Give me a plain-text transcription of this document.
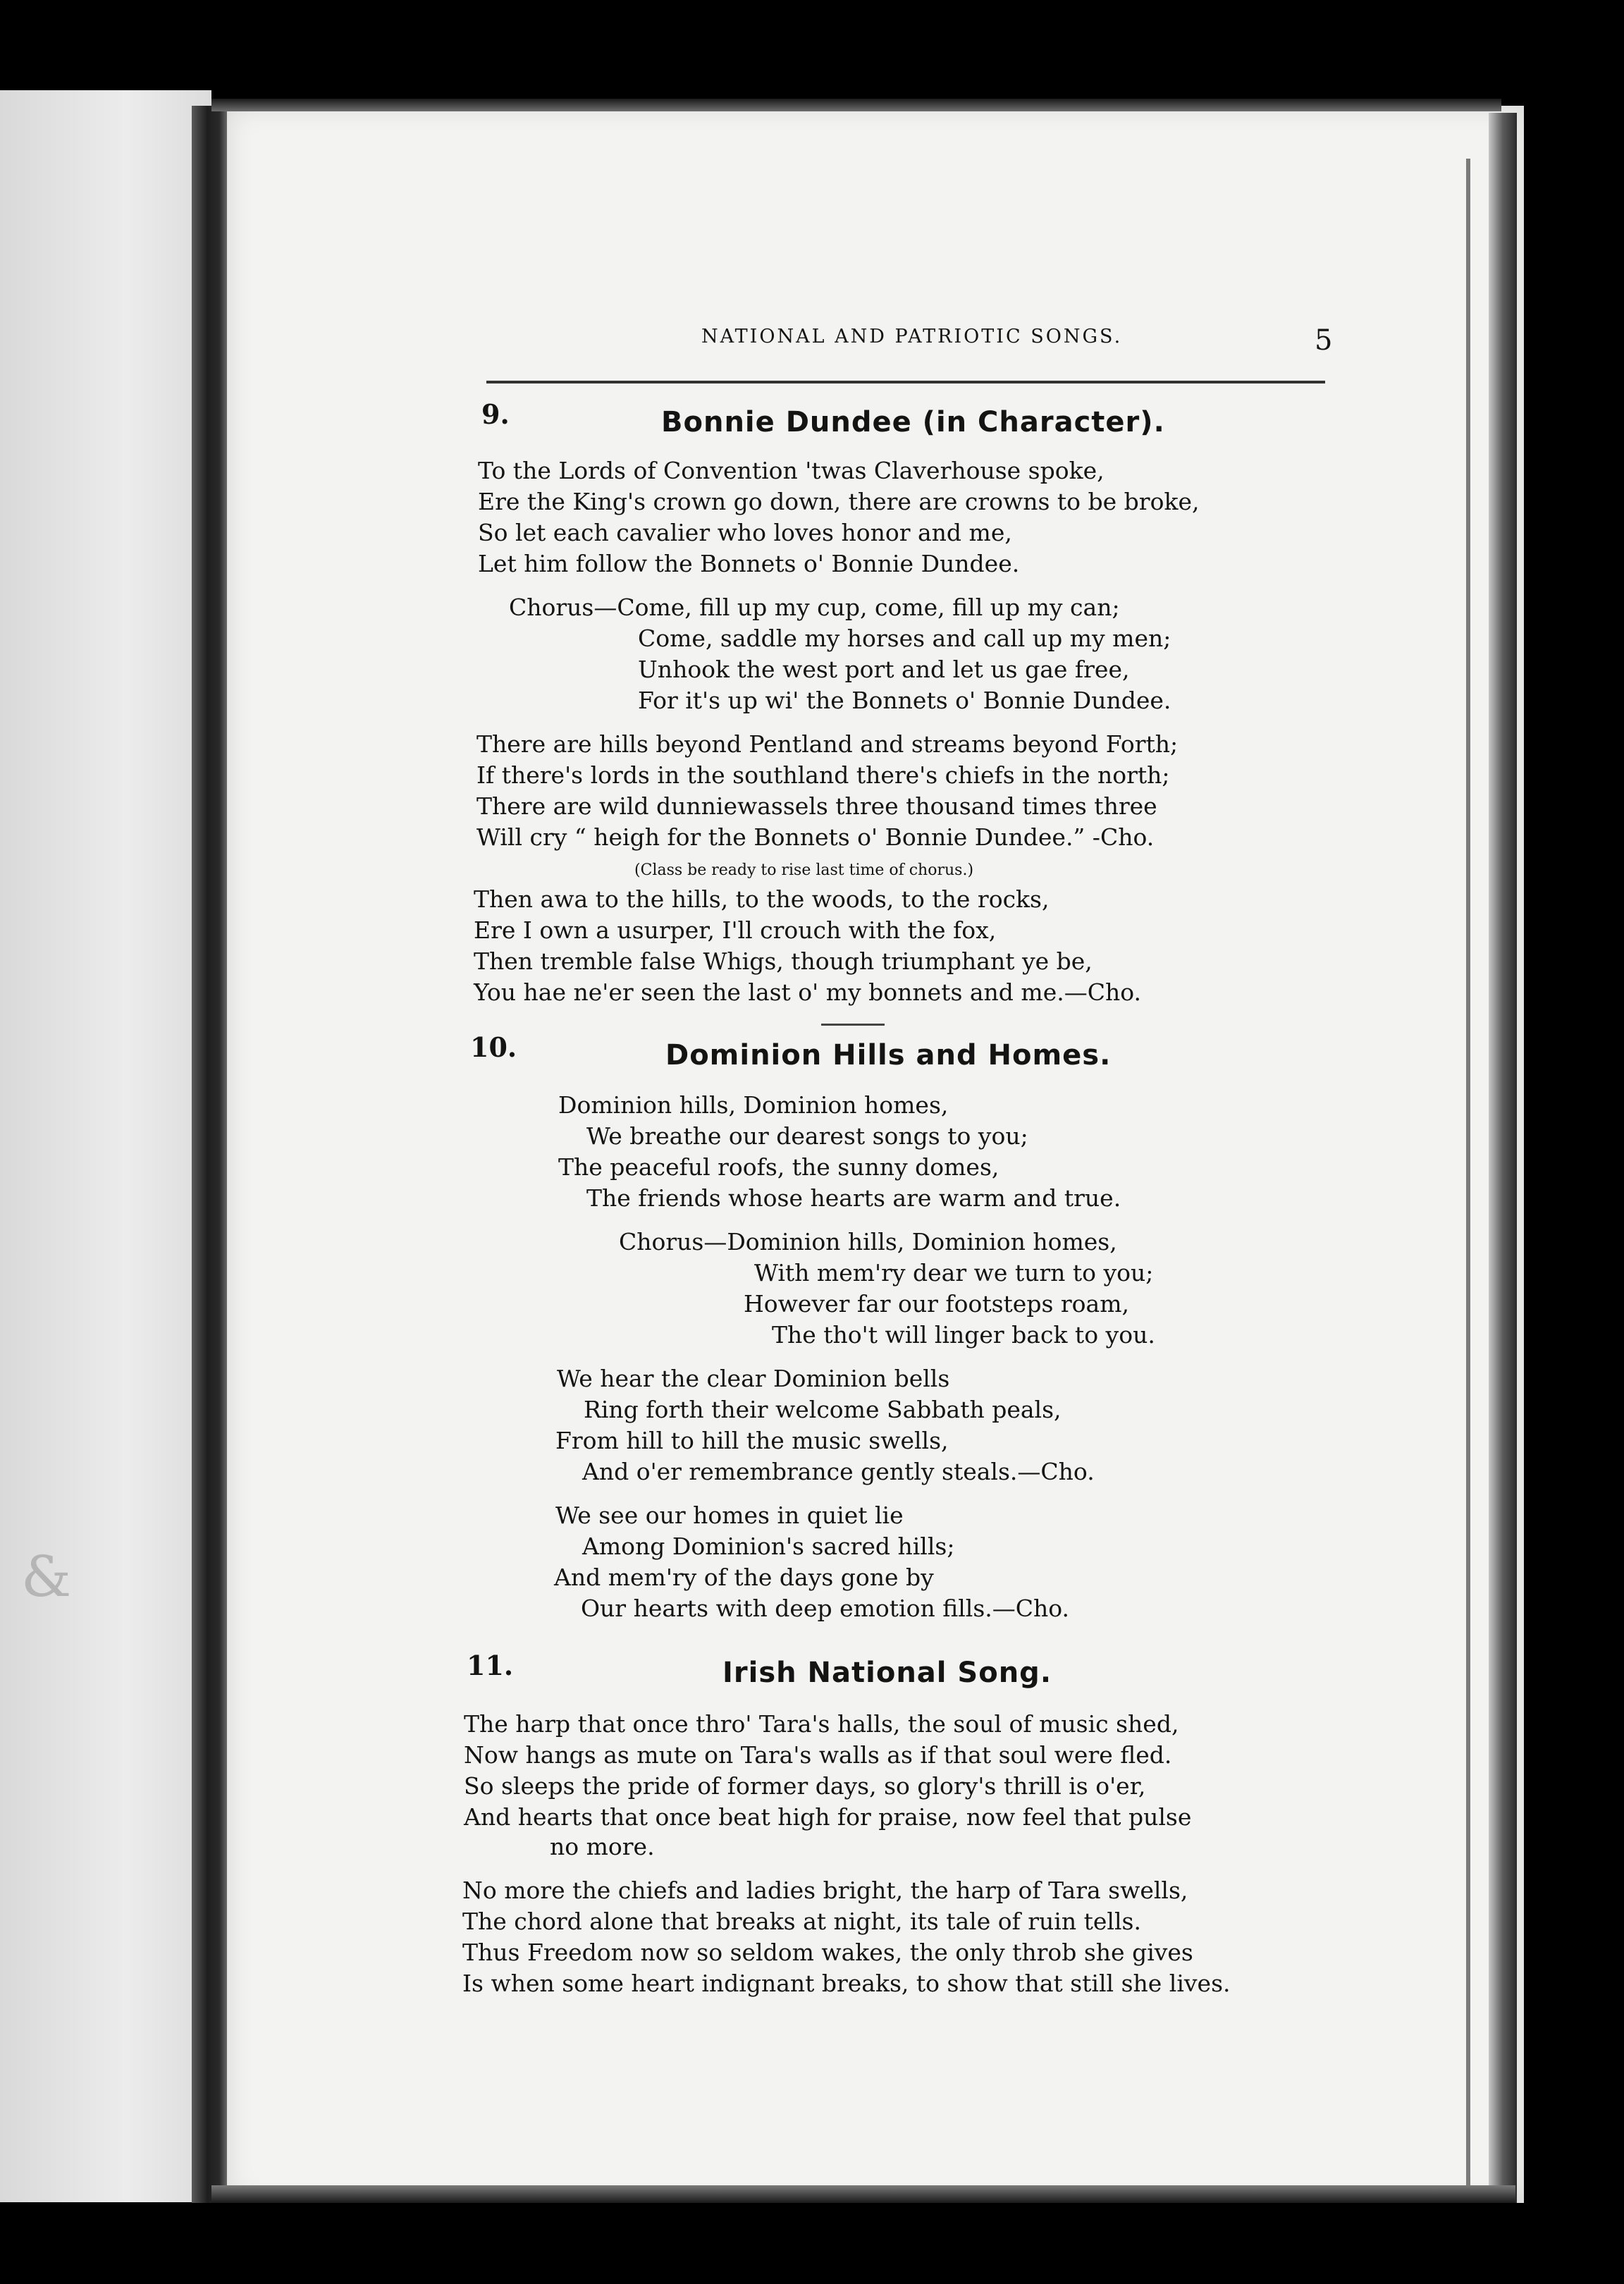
&
NATIONAL AND PATRIOTIC SONGS.	5
9.	Bonnie Dundee (in Character).
To the Lords of Convention 'twas Claverhouse spoke,
Ere the King's crown go down, there are crowns to be broke,
So let each cavalier who loves honor and me,
Let him follow the Bonnets o' Bonnie Dundee.
Chorus—Come, fill up my cup, come, fill up my can;
Come, saddle my horses and call up my men;
Unhook the west port and let us gae free,
For it's up wi' the Bonnets o' Bonnie Dundee.
There are hills beyond Pentland and streams beyond Forth;
If there's lords in the southland there's chiefs in the north;
There are wild dunniewassels three thousand times three
Will cry “ heigh for the Bonnets o' Bonnie Dundee.” -Cho.
(Class be ready to rise last time of chorus.)
Then awa to the hills, to the woods, to the rocks,
Ere I own a usurper, I'll crouch with the fox,
Then tremble false Whigs, though triumphant ye be,
You hae ne'er seen the last o' my bonnets and me.—Cho.
10.	Dominion Hills and Homes.
Dominion hills, Dominion homes,
We breathe our dearest songs to you;
The peaceful roofs, the sunny domes,
The friends whose hearts are warm and true.
Chorus—Dominion hills, Dominion homes,
With mem'ry dear we turn to you;
However far our footsteps roam,
The tho't will linger back to you.
We hear the clear Dominion bells
Ring forth their welcome Sabbath peals,
From hill to hill the music swells,
And o'er remembrance gently steals.—Cho.
We see our homes in quiet lie
Among Dominion's sacred hills;
And mem'ry of the days gone by
Our hearts with deep emotion fills.—Cho.
11.	Irish National Song.
The harp that once thro' Tara's halls, the soul of music shed,
Now hangs as mute on Tara's walls as if that soul were fled.
So sleeps the pride of former days, so glory's thrill is o'er,
And hearts that once beat high for praise, now feel that pulse
no more.
No more the chiefs and ladies bright, the harp of Tara swells,
The chord alone that breaks at night, its tale of ruin tells.
Thus Freedom now so seldom wakes, the only throb she gives
Is when some heart indignant breaks, to show that still she lives.
